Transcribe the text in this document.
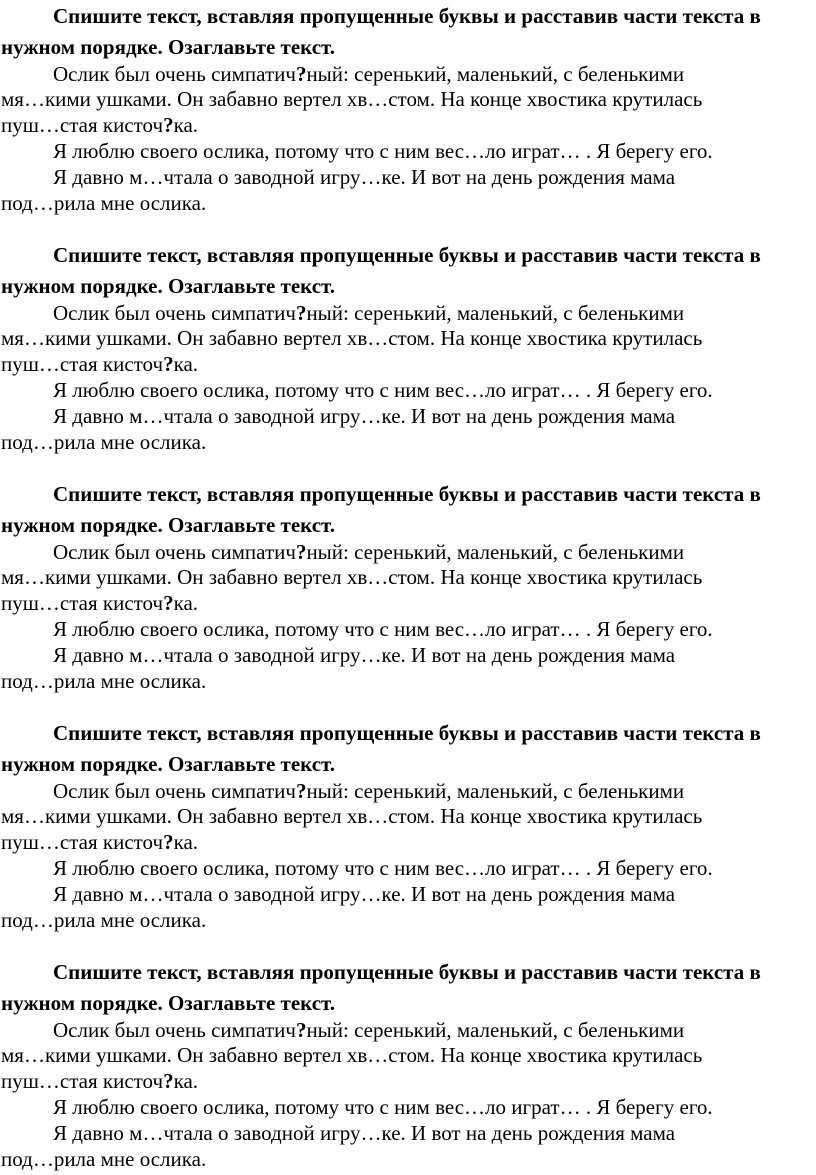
Спишите текст, вставляя пропущенные буквы и расставив части текста в
нужном порядке. Озаглавьте текст.
Ослик был очень симпатич?ный: серенький, маленький, с беленькими
мя…кими ушками. Он забавно вертел хв…стом. На конце хвостика крутилась
пуш…стая кисточ?ка.
Я люблю своего ослика, потому что с ним вес…ло играт… . Я берегу его.
Я давно м…чтала о заводной игру…ке. И вот на день рождения мама
под…рила мне ослика.
Спишите текст, вставляя пропущенные буквы и расставив части текста в
нужном порядке. Озаглавьте текст.
Ослик был очень симпатич?ный: серенький, маленький, с беленькими
мя…кими ушками. Он забавно вертел хв…стом. На конце хвостика крутилась
пуш…стая кисточ?ка.
Я люблю своего ослика, потому что с ним вес…ло играт… . Я берегу его.
Я давно м…чтала о заводной игру…ке. И вот на день рождения мама
под…рила мне ослика.
Спишите текст, вставляя пропущенные буквы и расставив части текста в
нужном порядке. Озаглавьте текст.
Ослик был очень симпатич?ный: серенький, маленький, с беленькими
мя…кими ушками. Он забавно вертел хв…стом. На конце хвостика крутилась
пуш…стая кисточ?ка.
Я люблю своего ослика, потому что с ним вес…ло играт… . Я берегу его.
Я давно м…чтала о заводной игру…ке. И вот на день рождения мама
под…рила мне ослика.
Спишите текст, вставляя пропущенные буквы и расставив части текста в
нужном порядке. Озаглавьте текст.
Ослик был очень симпатич?ный: серенький, маленький, с беленькими
мя…кими ушками. Он забавно вертел хв…стом. На конце хвостика крутилась
пуш…стая кисточ?ка.
Я люблю своего ослика, потому что с ним вес…ло играт… . Я берегу его.
Я давно м…чтала о заводной игру…ке. И вот на день рождения мама
под…рила мне ослика.
Спишите текст, вставляя пропущенные буквы и расставив части текста в
нужном порядке. Озаглавьте текст.
Ослик был очень симпатич?ный: серенький, маленький, с беленькими
мя…кими ушками. Он забавно вертел хв…стом. На конце хвостика крутилась
пуш…стая кисточ?ка.
Я люблю своего ослика, потому что с ним вес…ло играт… . Я берегу его.
Я давно м…чтала о заводной игру…ке. И вот на день рождения мама
под…рила мне ослика.
